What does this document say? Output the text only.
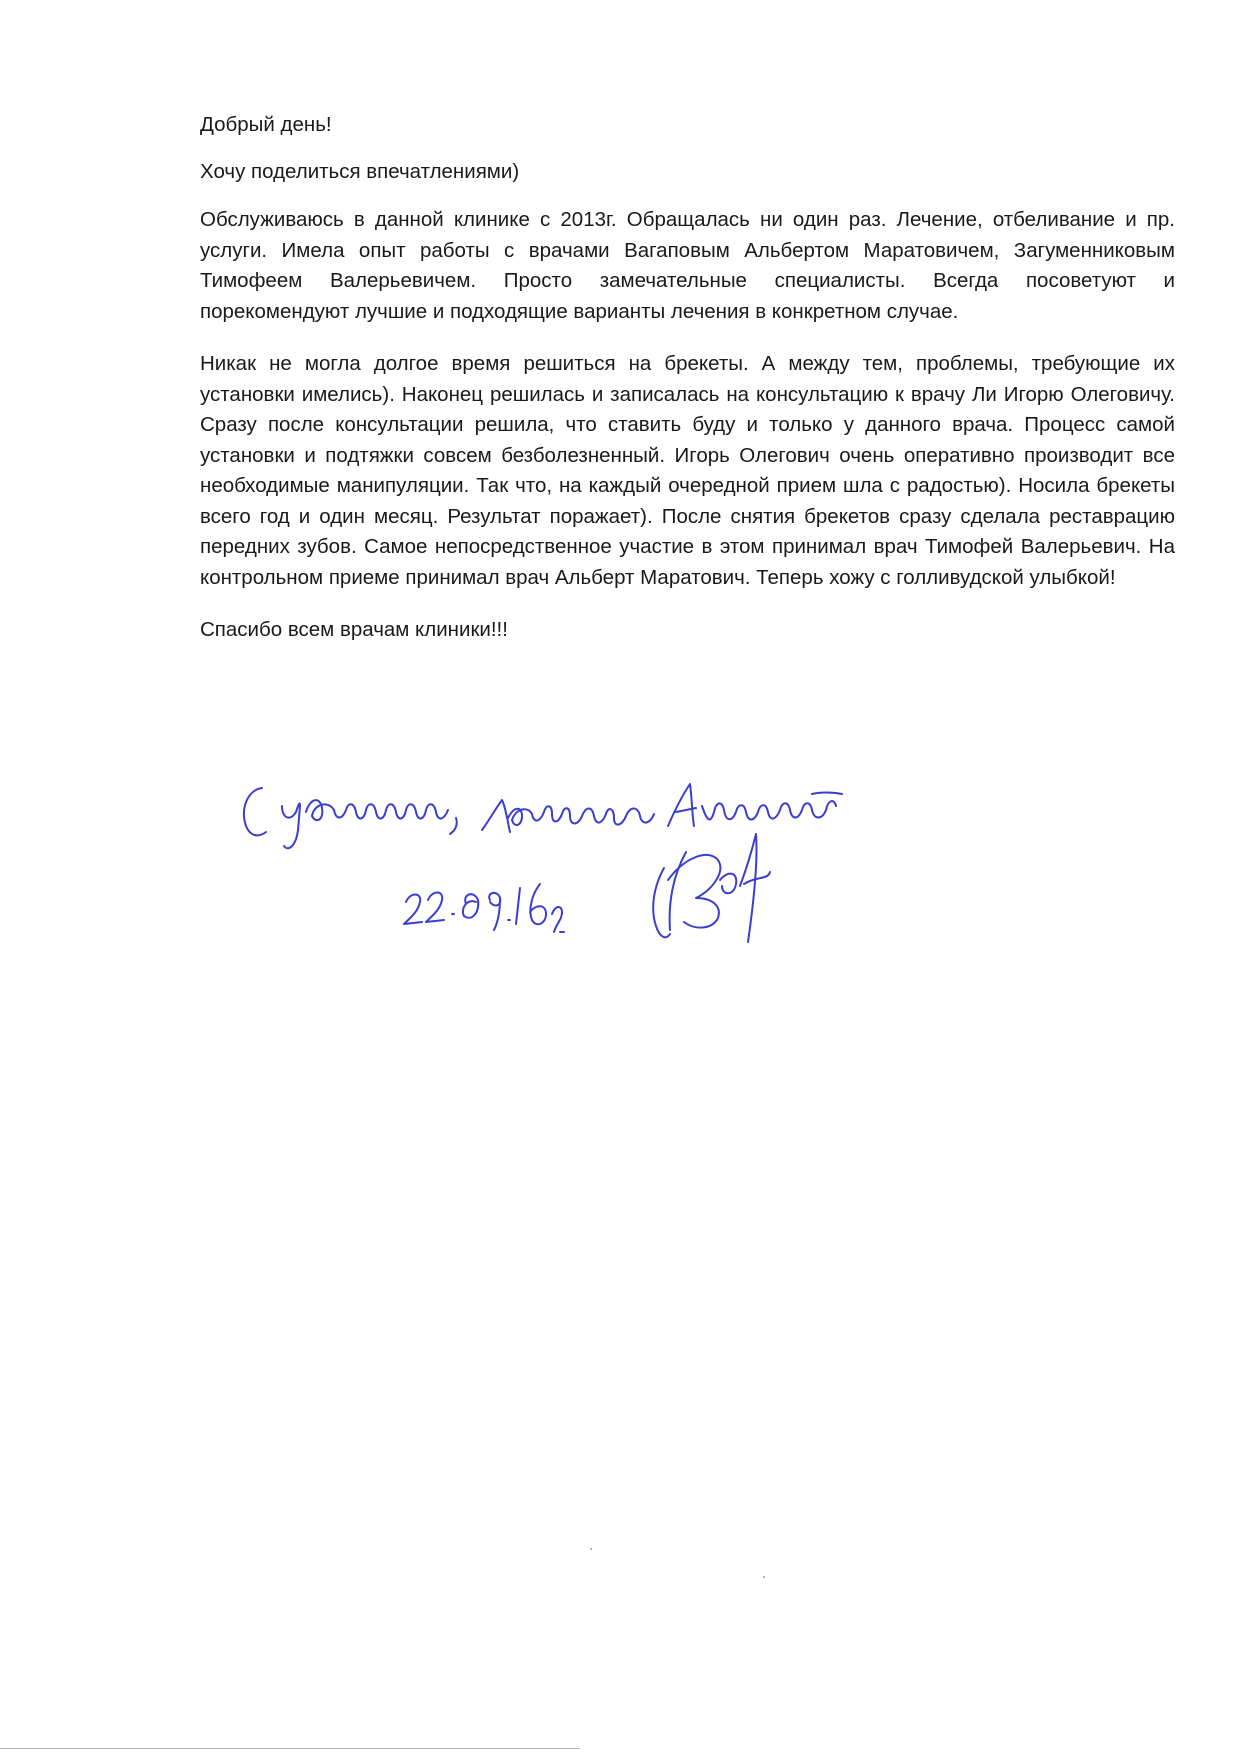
Добрый день!

Хочу поделиться впечатлениями)

Обслуживаюсь в данной клинике с 2013г. Обращалась ни один раз. Лечение, отбеливание и пр. услуги. Имела опыт работы с врачами Вагаповым Альбертом Маратовичем, Загуменниковым Тимофеем Валерьевичем. Просто замечательные специалисты. Всегда посоветуют и порекомендуют лучшие и подходящие варианты лечения в конкретном случае.

Никак не могла долгое время решиться на брекеты. А между тем, проблемы, требующие их установки имелись). Наконец решилась и записалась на консультацию к врачу Ли Игорю Олеговичу. Сразу после консультации решила, что ставить буду и только у данного врача. Процесс самой установки и подтяжки совсем безболезненный. Игорь Олегович очень оперативно производит все необходимые манипуляции. Так что, на каждый очередной прием шла с радостью). Носила брекеты всего год и один месяц. Результат поражает). После снятия брекетов сразу сделала реставрацию передних зубов. Самое непосредственное участие в этом принимал врач Тимофей Валерьевич. На контрольном приеме принимал врач Альберт Маратович. Теперь хожу с голливудской улыбкой!

Спасибо всем врачам клиники!!!
